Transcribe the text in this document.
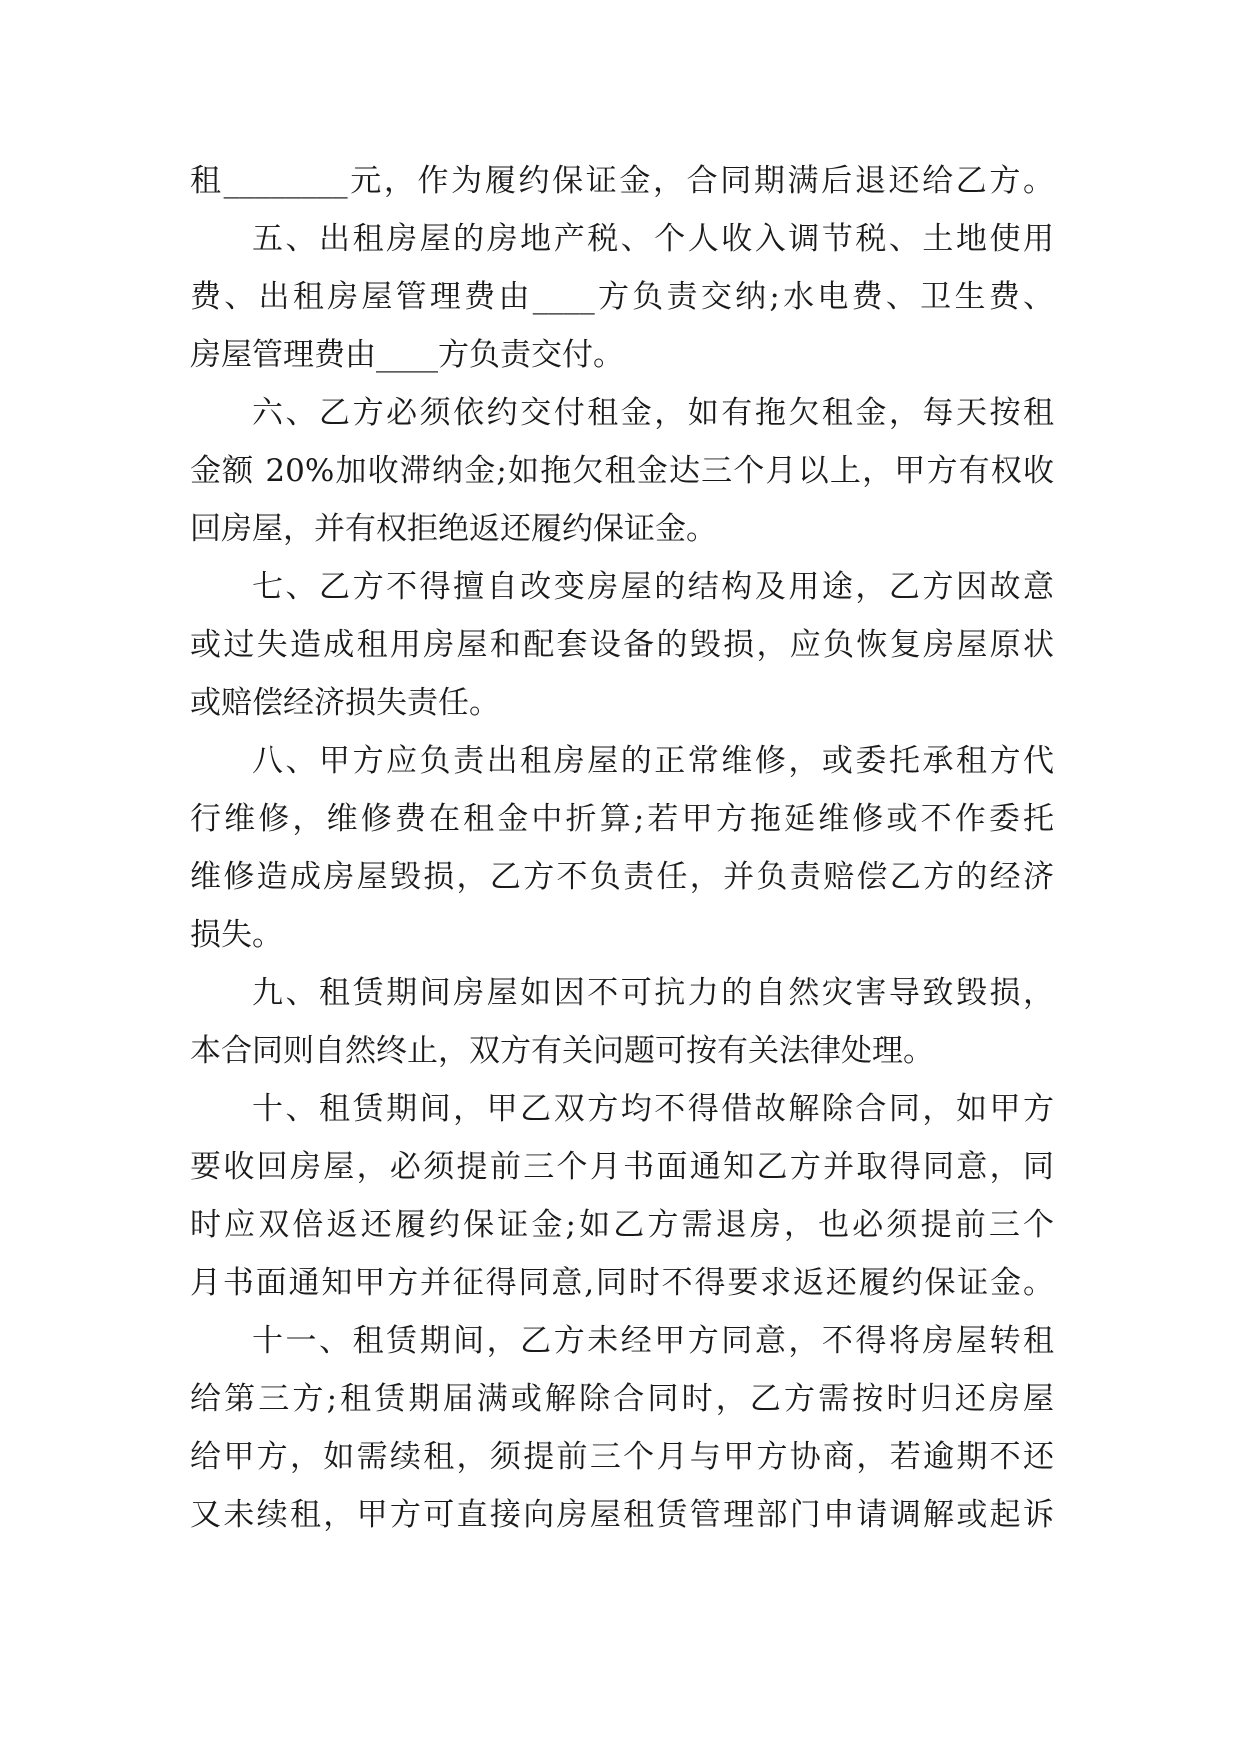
租________元，作为履约保证金，合同期满后退还给乙方。
五、出租房屋的房地产税、个人收入调节税、土地使用
费、出租房屋管理费由____方负责交纳;水电费、卫生费、
房屋管理费由____方负责交付。
六、乙方必须依约交付租金，如有拖欠租金，每天按租
金额 20%加收滞纳金;如拖欠租金达三个月以上，甲方有权收
回房屋，并有权拒绝返还履约保证金。
七、乙方不得擅自改变房屋的结构及用途，乙方因故意
或过失造成租用房屋和配套设备的毁损，应负恢复房屋原状
或赔偿经济损失责任。
八、甲方应负责出租房屋的正常维修，或委托承租方代
行维修，维修费在租金中折算;若甲方拖延维修或不作委托
维修造成房屋毁损，乙方不负责任，并负责赔偿乙方的经济
损失。
九、租赁期间房屋如因不可抗力的自然灾害导致毁损，
本合同则自然终止，双方有关问题可按有关法律处理。
十、租赁期间，甲乙双方均不得借故解除合同，如甲方
要收回房屋，必须提前三个月书面通知乙方并取得同意，同
时应双倍返还履约保证金;如乙方需退房，也必须提前三个
月书面通知甲方并征得同意,同时不得要求返还履约保证金。
十一、租赁期间，乙方未经甲方同意，不得将房屋转租
给第三方;租赁期届满或解除合同时，乙方需按时归还房屋
给甲方，如需续租，须提前三个月与甲方协商，若逾期不还
又未续租，甲方可直接向房屋租赁管理部门申请调解或起诉
